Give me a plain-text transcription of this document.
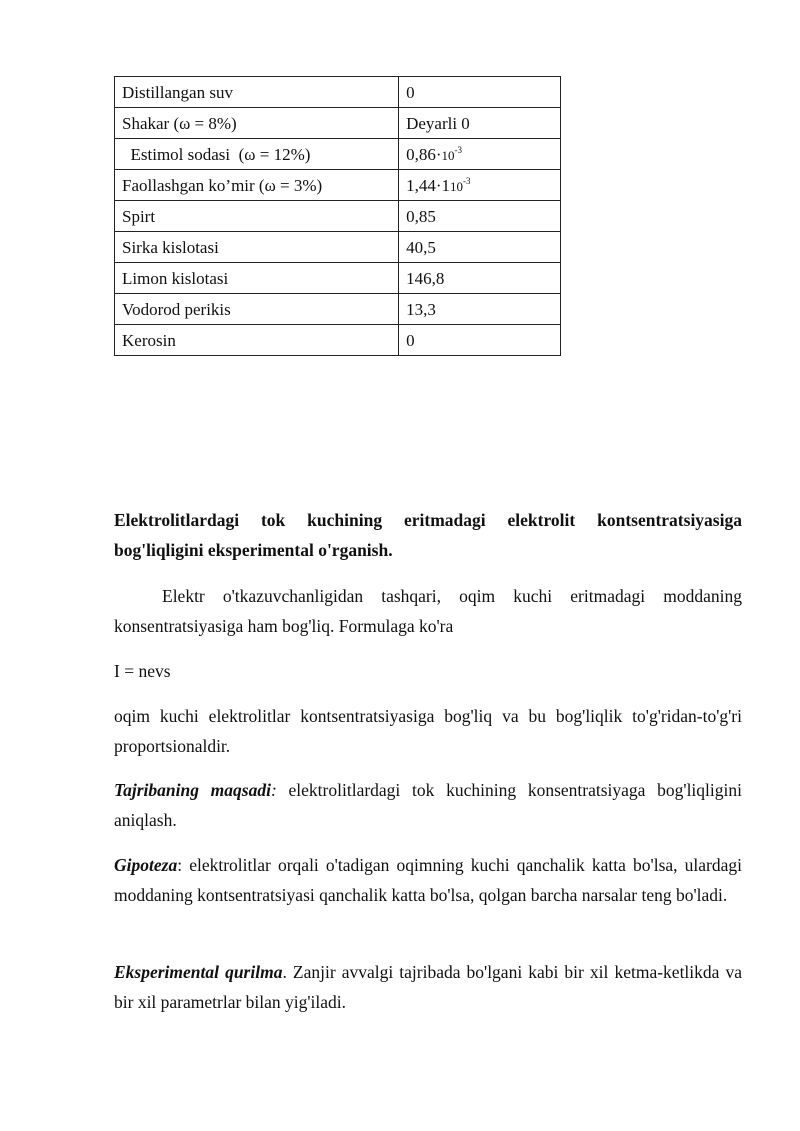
Distillangan suv	0
Shakar (ω = 8%)	Deyarli 0
Estimol sodasi  (ω = 12%)	$0,86\cdot 10^{-3}$
Faollashgan ko’mir (ω = 3%)	$1,44\cdot 110^{-3}$
Spirt	0,85
Sirka kislotasi	40,5
Limon kislotasi	146,8
Vodorod perikis	13,3
Kerosin	0

Elektrolitlardagi tok kuchining eritmadagi elektrolit kontsentratsiyasiga bog'liqligini eksperimental o'rganish.

Elektr o'tkazuvchanligidan tashqari, oqim kuchi eritmadagi moddaning konsentratsiyasiga ham bog'liq. Formulaga ko'ra

I = nevs

oqim kuchi elektrolitlar kontsentratsiyasiga bog'liq va bu bog'liqlik to'g'ridan-to'g'ri proportsionaldir.

Tajribaning maqsadi: elektrolitlardagi tok kuchining konsentratsiyaga bog'liqligini aniqlash.

Gipoteza: elektrolitlar orqali o'tadigan oqimning kuchi qanchalik katta bo'lsa, ulardagi moddaning kontsentratsiyasi qanchalik katta bo'lsa, qolgan barcha narsalar teng bo'ladi.

Eksperimental qurilma. Zanjir avvalgi tajribada bo'lgani kabi bir xil ketma-ketlikda va bir xil parametrlar bilan yig'iladi.
